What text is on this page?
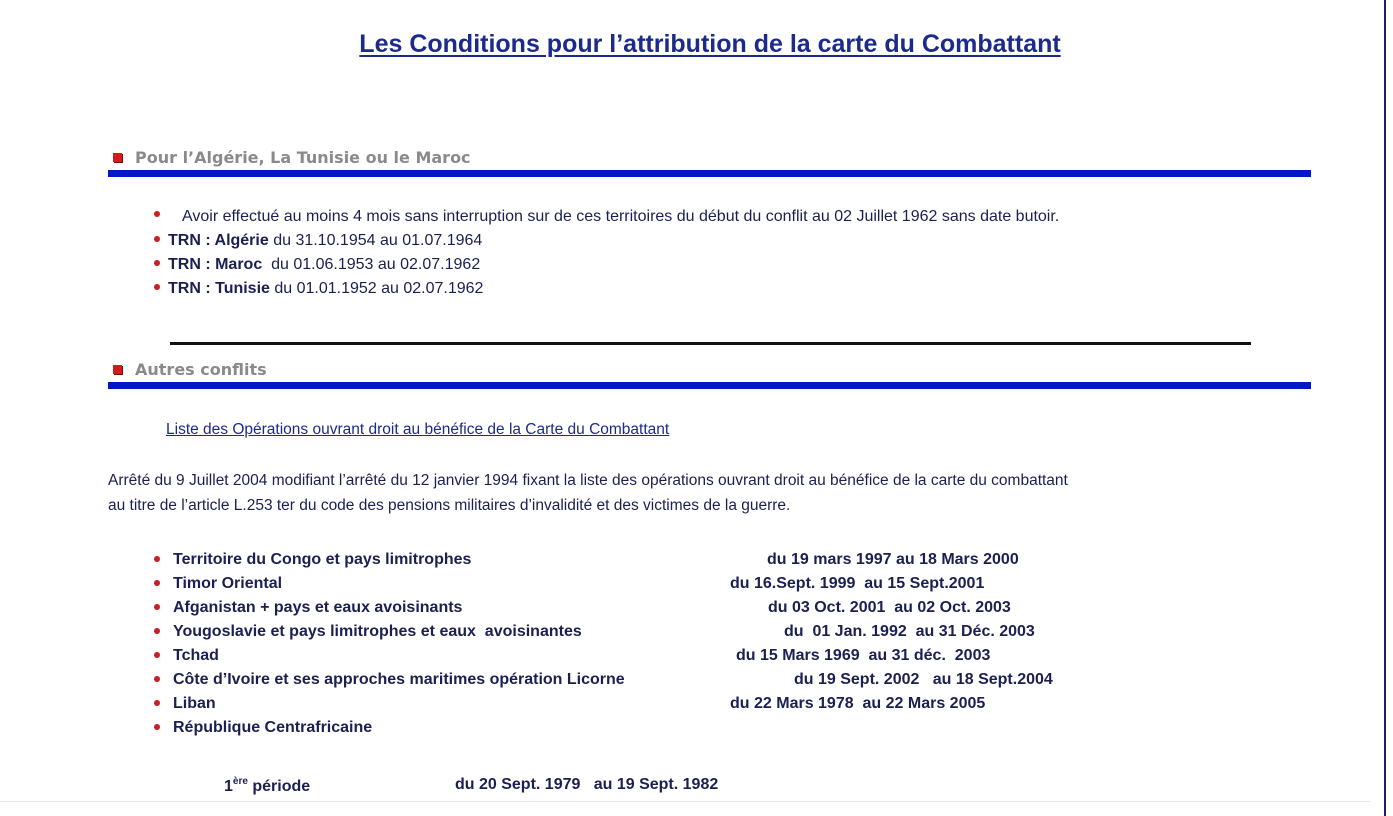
Les Conditions pour l’attribution de la carte du Combattant
Pour l’Algérie, La Tunisie ou le Maroc
Avoir effectué au moins 4 mois sans interruption sur de ces territoires du début du conflit au 02 Juillet 1962 sans date butoir.
TRN : Algérie du 31.10.1954 au 01.07.1964
TRN : Maroc  du 01.06.1953 au 02.07.1962
TRN : Tunisie du 01.01.1952 au 02.07.1962
Autres conflits
Liste des Opérations ouvrant droit au bénéfice de la Carte du Combattant
Arrêté du 9 Juillet 2004 modifiant l’arrêté du 12 janvier 1994 fixant la liste des opérations ouvrant droit au bénéfice de la carte du combattant
au titre de l’article L.253 ter du code des pensions militaires d’invalidité et des victimes de la guerre.
Territoire du Congo et pays limitrophes	du 19 mars 1997 au 18 Mars 2000
Timor Oriental	du 16.Sept. 1999  au 15 Sept.2001
Afganistan + pays et eaux avoisinants	du 03 Oct. 2001  au 02 Oct. 2003
Yougoslavie et pays limitrophes et eaux  avoisinantes	du  01 Jan. 1992  au 31 Déc. 2003
Tchad	du 15 Mars 1969  au 31 déc.  2003
Côte d’Ivoire et ses approches maritimes opération Licorne	du 19 Sept. 2002   au 18 Sept.2004
Liban	du 22 Mars 1978  au 22 Mars 2005
République Centrafricaine
1ère période	du 20 Sept. 1979   au 19 Sept. 1982
